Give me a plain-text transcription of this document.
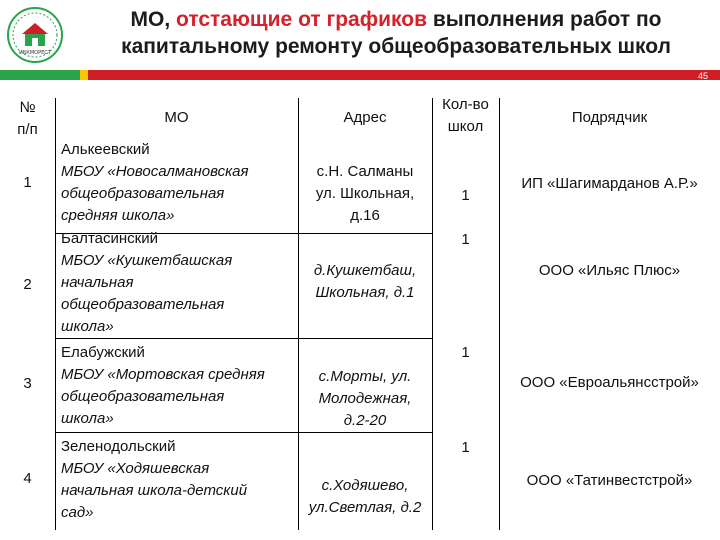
ИБКМОРЕСТ
МО, отстающие от графиков выполнения работ по капитальному ремонту общеобразовательных школ
45
№
п/п
МО	Адрес
Кол-во
школ
Подрядчик
1
Алькеевский
МБОУ «Новосалмановская
общеобразовательная
средняя школа»
с.Н. Салманы
ул. Школьная,
д.16
1
ИП «Шагимарданов А.Р.»
2
Балтасинский
МБОУ «Кушкетбашская
начальная
общеобразовательная
школа»
д.Кушкетбаш,
Школьная, д.1
1
ООО «Ильяс Плюс»
3
Елабужский
МБОУ «Мортовская средняя
общеобразовательная
школа»
с.Морты, ул.
Молодежная,
д.2-20
1
ООО «Евроальянсстрой»
4
Зеленодольский
МБОУ «Ходяшевская
начальная школа-детский
сад»
с.Ходяшево,
ул.Светлая, д.2
1
ООО «Татинвестстрой»
